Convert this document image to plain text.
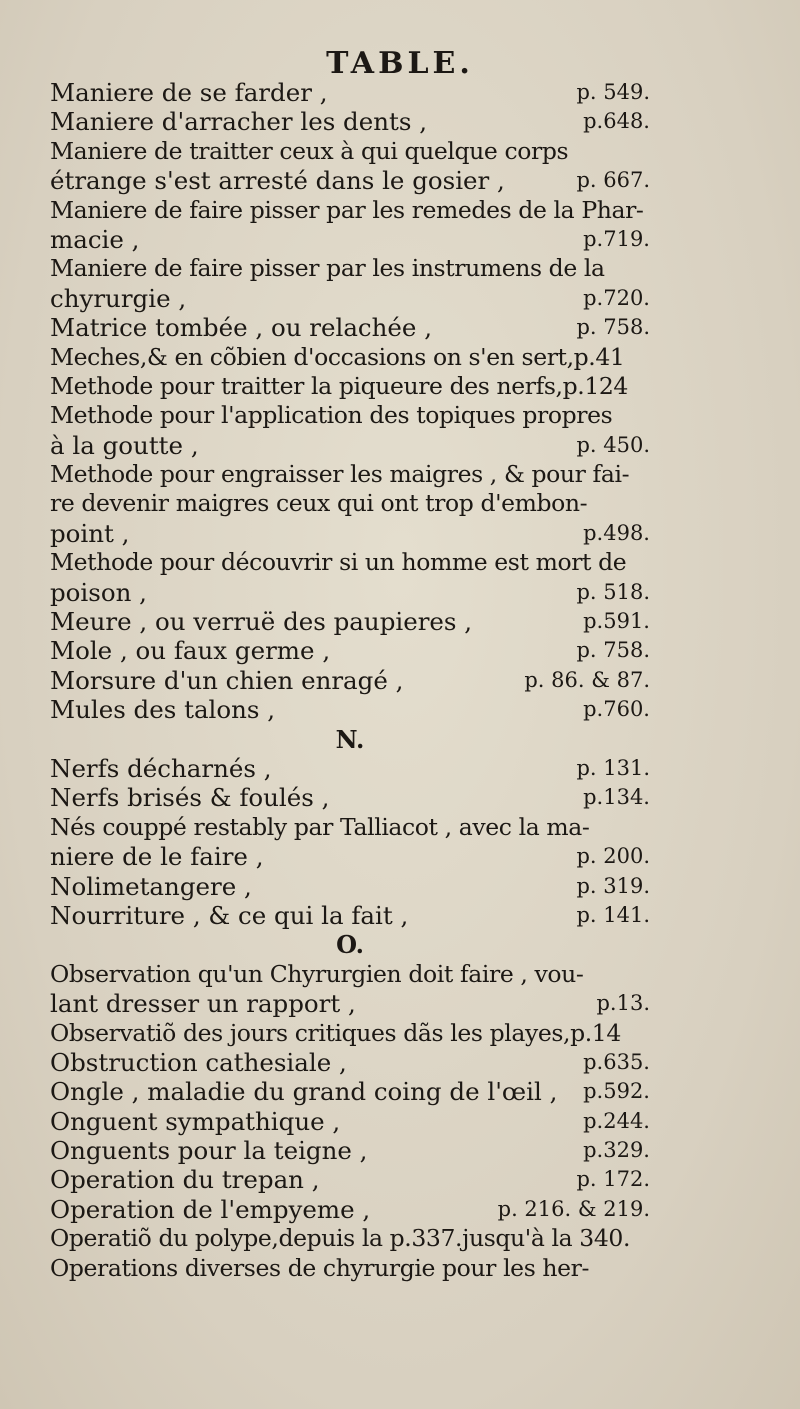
TABLE.
Maniere de se farder ,	p. 549.
Maniere d'arracher les dents ,	p.648.
Maniere de traitter ceux à qui quelque corps
étrange s'est arresté dans le gosier ,	p. 667.
Maniere de faire pisser par les remedes de la Phar-
macie ,	p.719.
Maniere de faire pisser par les instrumens de la
chyrurgie ,	p.720.
Matrice tombée , ou relachée ,	p. 758.
Meches,& en cõbien d'occasions on s'en sert,p.41
Methode pour traitter la piqueure des nerfs,p.124
Methode pour l'application des topiques propres
à la goutte ,	p. 450.
Methode pour engraisser les maigres , & pour fai-
re devenir maigres ceux qui ont trop d'embon-
point ,	p.498.
Methode pour découvrir si un homme est mort de
poison ,	p. 518.
Meure , ou verruë des paupieres ,	p.591.
Mole , ou faux germe ,	p. 758.
Morsure d'un chien enragé ,	p. 86. & 87.
Mules des talons ,	p.760.
N.
Nerfs décharnés ,	p. 131.
Nerfs brisés & foulés ,	p.134.
Nés couppé restably par Talliacot , avec la ma-
niere de le faire ,	p. 200.
Nolimetangere ,	p. 319.
Nourriture , & ce qui la fait ,	p. 141.
O.
Observation qu'un Chyrurgien doit faire , vou-
lant dresser un rapport ,	p.13.
Observatiõ des jours critiques dãs les playes,p.14
Obstruction cathesiale ,	p.635.
Ongle , maladie du grand coing de l'œil , p.592.
Onguent sympathique ,	p.244.
Onguents pour la teigne ,	p.329.
Operation du trepan ,	p. 172.
Operation de l'empyeme ,	p. 216. & 219.
Operatiõ du polype,depuis la p.337.jusqu'à la 340.
Operations diverses de chyrurgie pour les her-
